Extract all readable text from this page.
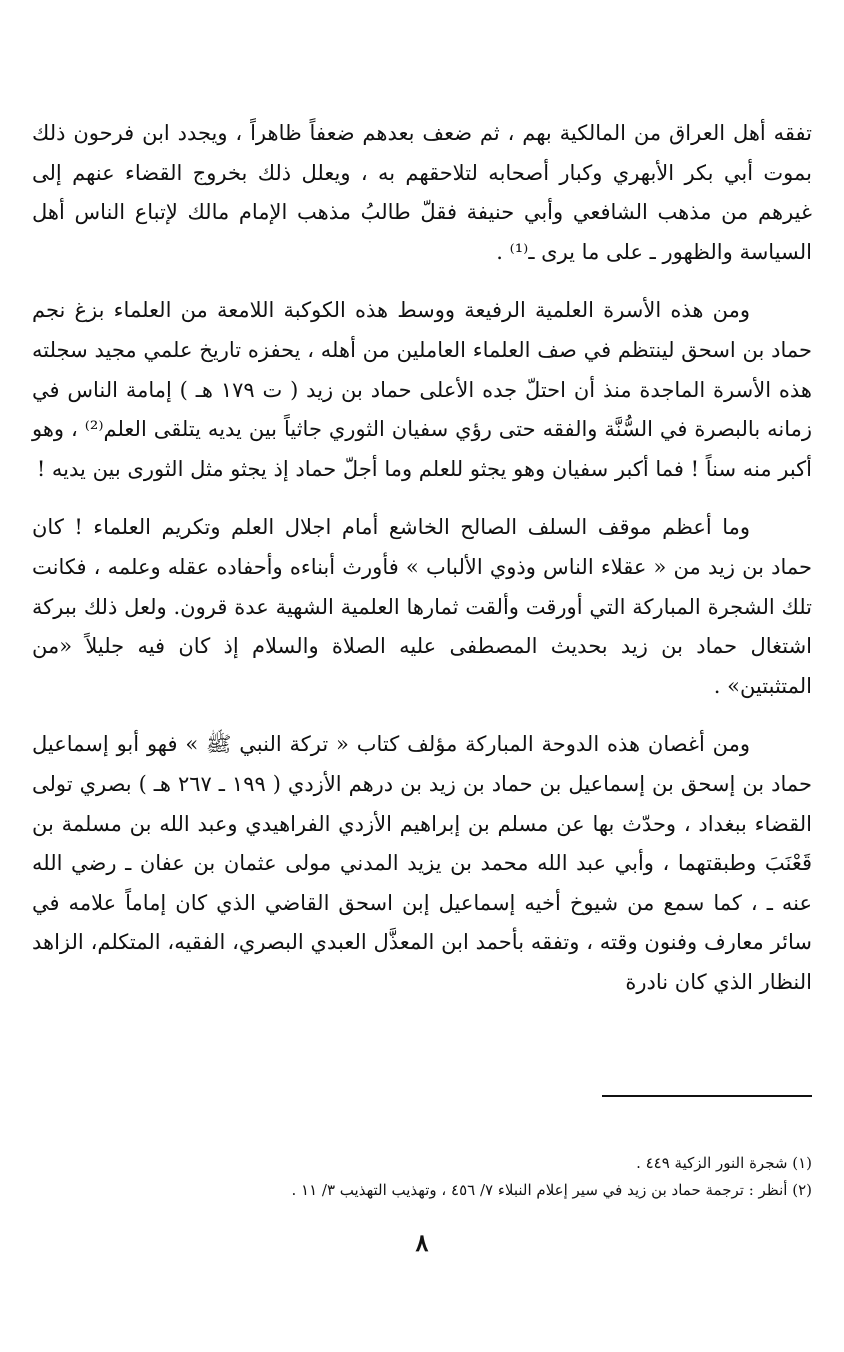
تفقه أهل العراق من المالكية بهم ، ثم ضعف بعدهم ضعفاً ظاهراً ، ويجدد ابن فرحون ذلك بموت أبي بكر الأبهري وكبار أصحابه لتلاحقهم به ، ويعلل ذلك بخروج القضاء عنهم إلى غيرهم من مذهب الشافعي وأبي حنيفة فقلّ طالبُ مذهب الإمام مالك لإتباع الناس أهل السياسة والظهور ـ على ما يرى ـ⁽¹⁾ .

ومن هذه الأسرة العلمية الرفيعة ووسط هذه الكوكبة اللامعة من العلماء بزغ نجم حماد بن اسحق لينتظم في صف العلماء العاملين من أهله ، يحفزه تاريخ علمي مجيد سجلته هذه الأسرة الماجدة منذ أن احتلّ جده الأعلى حماد بن زيد ( ت ١٧٩ هـ ) إمامة الناس في زمانه بالبصرة في السُّنَّة والفقه حتى رؤي سفيان الثوري جاثياً بين يديه يتلقى العلم⁽²⁾ ، وهو أكبر منه سناً ! فما أكبر سفيان وهو يجثو للعلم وما أجلّ حماد إذ يجثو مثل الثورى بين يديه !

وما أعظم موقف السلف الصالح الخاشع أمام اجلال العلم وتكريم العلماء ! كان حماد بن زيد من « عقلاء الناس وذوي الألباب » فأورث أبناءه وأحفاده عقله وعلمه ، فكانت تلك الشجرة المباركة التي أورقت وألقت ثمارها العلمية الشهية عدة قرون. ولعل ذلك ببركة اشتغال حماد بن زيد بحديث المصطفى عليه الصلاة والسلام إذ كان فيه جليلاً «من المتثبتين» .

ومن أغصان هذه الدوحة المباركة مؤلف كتاب « تركة النبي ﷺ » فهو أبو إسماعيل حماد بن إسحق بن إسماعيل بن حماد بن زيد بن درهم الأزدي ( ١٩٩ ـ ٢٦٧ هـ ) بصري تولى القضاء ببغداد ، وحدّث بها عن مسلم بن إبراهيم الأزدي الفراهيدي وعبد الله بن مسلمة بن قَعْنَبَ وطبقتهما ، وأبي عبد الله محمد بن يزيد المدني مولى عثمان بن عفان ـ رضي الله عنه ـ ، كما سمع من شيوخ أخيه إسماعيل إبن اسحق القاضي الذي كان إماماً علامه في سائر معارف وفنون وقته ، وتفقه بأحمد ابن المعذَّل العبدي البصري، الفقيه، المتكلم، الزاهد النظار الذي كان نادرة

(١) شجرة النور الزكية ٤٤٩ .

(٢) أنظر : ترجمة حماد بن زيد في سير إعلام النبلاء ٧/ ٤٥٦ ، وتهذيب التهذيب ٣/ ١١ .

٨
